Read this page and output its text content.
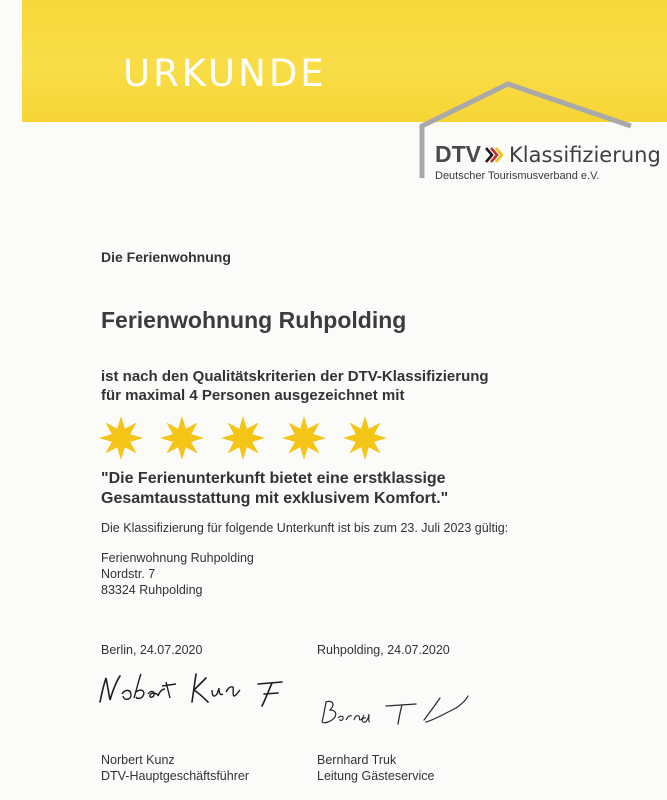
URKUNDE
DTV Klassifizierung
Deutscher Tourismusverband e.V.
Die Ferienwohnung
Ferienwohnung Ruhpolding
ist nach den Qualitätskriterien der DTV-Klassifizierung
für maximal 4 Personen ausgezeichnet mit
"Die Ferienunterkunft bietet eine erstklassige
Gesamtausstattung mit exklusivem Komfort."
Die Klassifizierung für folgende Unterkunft ist bis zum 23. Juli 2023 gültig:
Ferienwohnung Ruhpolding
Nordstr. 7
83324 Ruhpolding
Berlin, 24.07.2020	Ruhpolding, 24.07.2020
Norbert Kunz
DTV-Hauptgeschäftsführer
Bernhard Truk
Leitung Gästeservice
